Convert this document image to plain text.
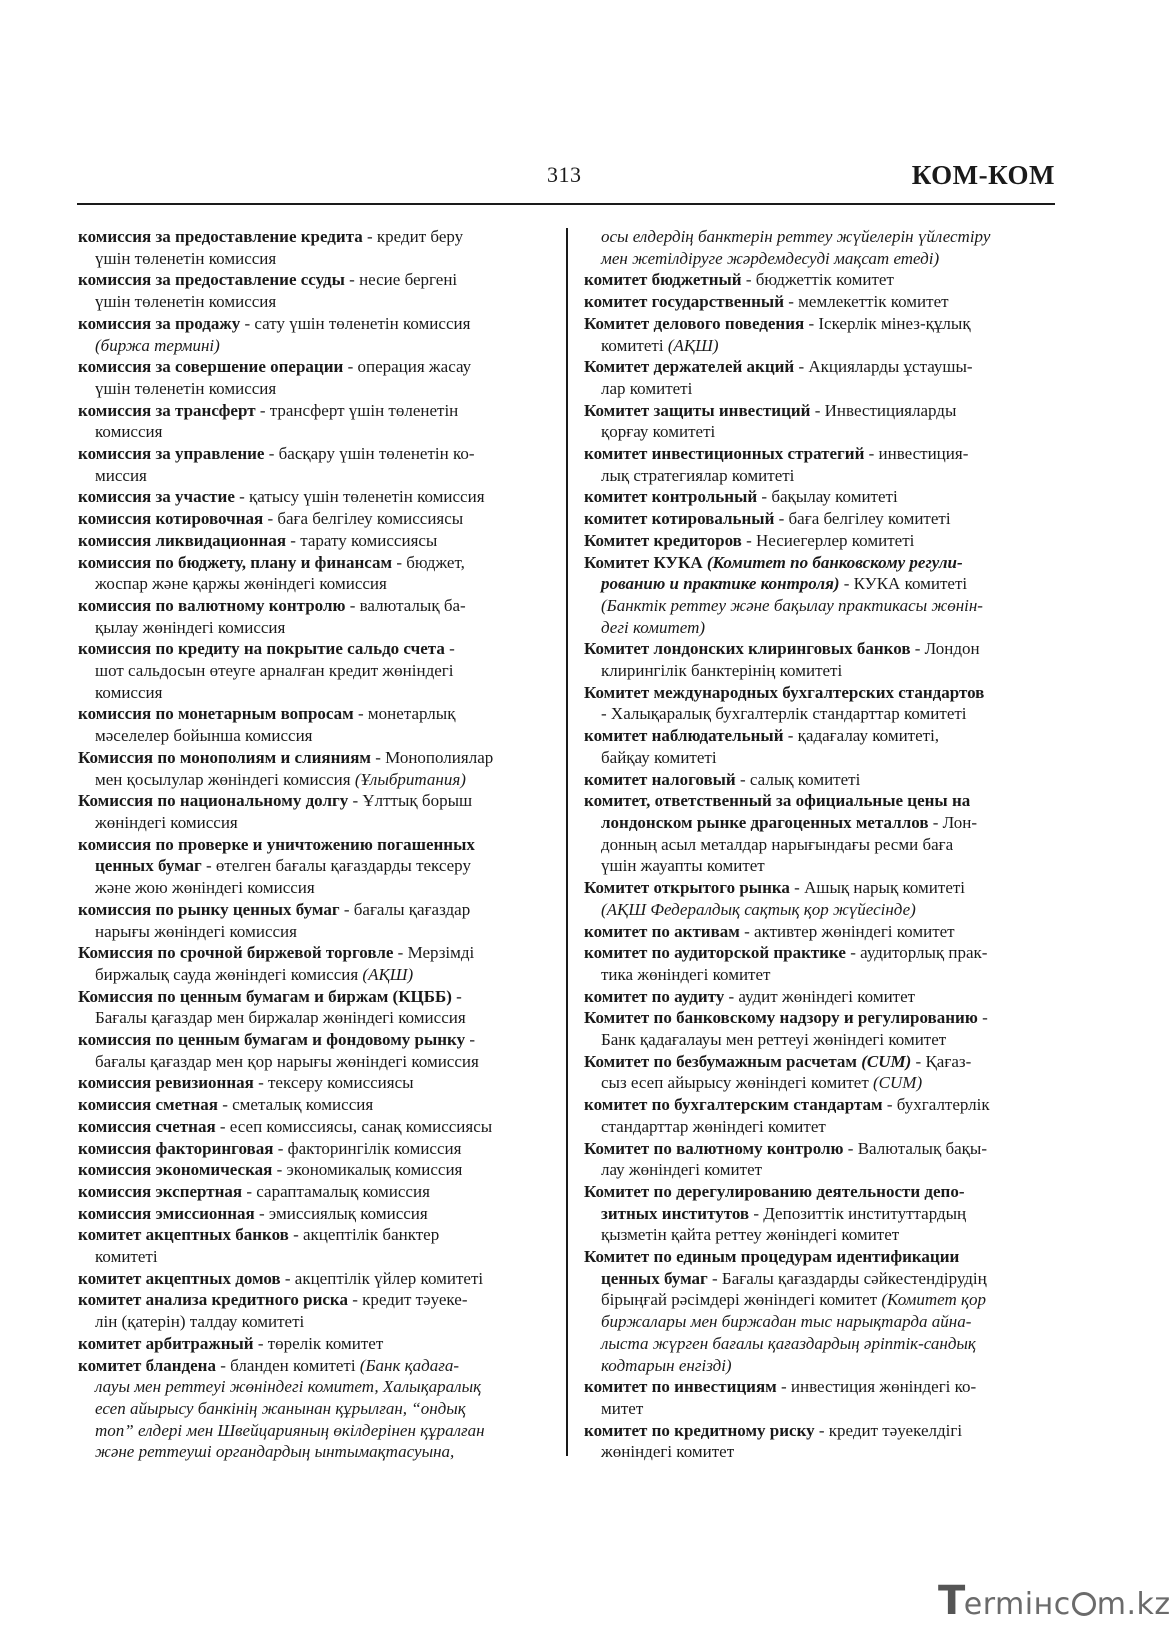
313	КОМ-КОМ
комиссия за предоставление кредита - кредит беру
үшін төленетін комиссия
комиссия за предоставление ссуды - несие бергені
үшін төленетін комиссия
комиссия за продажу - сату үшін төленетін комиссия
(биржа термині)
комиссия за совершение операции - операция жасау
үшін төленетін комиссия
комиссия за трансферт - трансферт үшін төленетін
комиссия
комиссия за управление - басқару үшін төленетін ко-
миссия
комиссия за участие - қатысу үшін төленетін комиссия
комиссия котировочная - баға белгілеу комиссиясы
комиссия ликвидационная - тарату комиссиясы
комиссия по бюджету, плану и финансам - бюджет,
жоспар және қаржы жөніндегі комиссия
комиссия по валютному контролю - валюталық ба-
қылау жөніндегі комиссия
комиссия по кредиту на покрытие сальдо счета -
шот сальдосын өтеуге арналған кредит жөніндегі
комиссия
комиссия по монетарным вопросам - монетарлық
мәселелер бойынша комиссия
Комиссия по монополиям и слияниям - Монополиялар
мен қосылулар жөніндегі комиссия (Ұлыбритания)
Комиссия по национальному долгу - Ұлттық борыш
жөніндегі комиссия
комиссия по проверке и уничтожению погашенных
ценных бумаг - өтелген бағалы қағаздарды тексеру
және жою жөніндегі комиссия
комиссия по рынку ценных бумаг - бағалы қағаздар
нарығы жөніндегі комиссия
Комиссия по срочной биржевой торговле - Мерзімді
биржалық сауда жөніндегі комиссия (АҚШ)
Комиссия по ценным бумагам и биржам (КЦББ) -
Бағалы қағаздар мен биржалар жөніндегі комиссия
комиссия по ценным бумагам и фондовому рынку -
бағалы қағаздар мен қор нарығы жөніндегі комиссия
комиссия ревизионная - тексеру комиссиясы
комиссия сметная - сметалық комиссия
комиссия счетная - есеп комиссиясы, санақ комиссиясы
комиссия факторинговая - факторингілік комиссия
комиссия экономическая - экономикалық комиссия
комиссия экспертная - сараптамалық комиссия
комиссия эмиссионная - эмиссиялық комиссия
комитет акцептных банков - акцептілік банктер
комитеті
комитет акцептных домов - акцептілік үйлер комитеті
комитет анализа кредитного риска - кредит тәуеке-
лін (қатерін) талдау комитеті
комитет арбитражный - төрелік комитет
комитет бландена - бланден комитеті (Банк қадаға-
лауы мен реттеуі жөніндегі комитет, Халықаралық
есеп айырысу банкінің жанынан құрылған, “ондық
топ” елдері мен Швейцарияның өкілдерінен құралған
және реттеуші органдардың ынтымақтасуына,
осы елдердің банктерін реттеу жүйелерін үйлестіру
мен жетілдіруге жәрдемдесуді мақсат етеді)
комитет бюджетный - бюджеттік комитет
комитет государственный - мемлекеттік комитет
Комитет делового поведения - Іскерлік мінез-құлық
комитеті (АҚШ)
Комитет держателей акций - Акцияларды ұстаушы-
лар комитеті
Комитет защиты инвестиций - Инвестицияларды
қорғау комитеті
комитет инвестиционных стратегий - инвестиция-
лық стратегиялар комитеті
комитет контрольный - бақылау комитеті
комитет котировальный - баға белгілеу комитеті
Комитет кредиторов - Несиегерлер комитеті
Комитет КУКА (Комитет по банковскому регули-
рованию и практике контроля) - КУКА комитеті
(Банктік реттеу және бақылау практикасы жөнін-
дегі комитет)
Комитет лондонских клиринговых банков - Лондон
клирингілік банктерінің комитеті
Комитет международных бухгалтерских стандартов
- Халықаралық бухгалтерлік стандарттар комитеті
комитет наблюдательный - қадағалау комитеті,
байқау комитеті
комитет налоговый - салық комитеті
комитет, ответственный за официальные цены на
лондонском рынке драгоценных металлов - Лон-
донның асыл металдар нарығындағы ресми баға
үшін жауапты комитет
Комитет открытого рынка - Ашық нарық комитеті
(АҚШ Федералдық сақтық қор жүйесінде)
комитет по активам - активтер жөніндегі комитет
комитет по аудиторской практике - аудиторлық прак-
тика жөніндегі комитет
комитет по аудиту - аудит жөніндегі комитет
Комитет по банковскому надзору и регулированию -
Банк қадағалауы мен реттеуі жөніндегі комитет
Комитет по безбумажным расчетам (CUM) - Қағаз-
сыз есеп айырысу жөніндегі комитет (CUM)
комитет по бухгалтерским стандартам - бухгалтерлік
стандарттар жөніндегі комитет
Комитет по валютному контролю - Валюталық бақы-
лау жөніндегі комитет
Комитет по дерегулированию деятельности депо-
зитных институтов - Депозиттік институттардың
қызметін қайта реттеу жөніндегі комитет
Комитет по единым процедурам идентификации
ценных бумаг - Бағалы қағаздарды сәйкестендірудің
бірыңғай рәсімдері жөніндегі комитет (Комитет қор
биржалары мен биржадан тыс нарықтарда айна-
лыста жүрген бағалы қағаздардың әріптік-сандық
кодтарын енгізді)
комитет по инвестициям - инвестиция жөніндегі ко-
митет
комитет по кредитному риску - кредит тәуекелдігі
жөніндегі комитет
Termінc m.kz
